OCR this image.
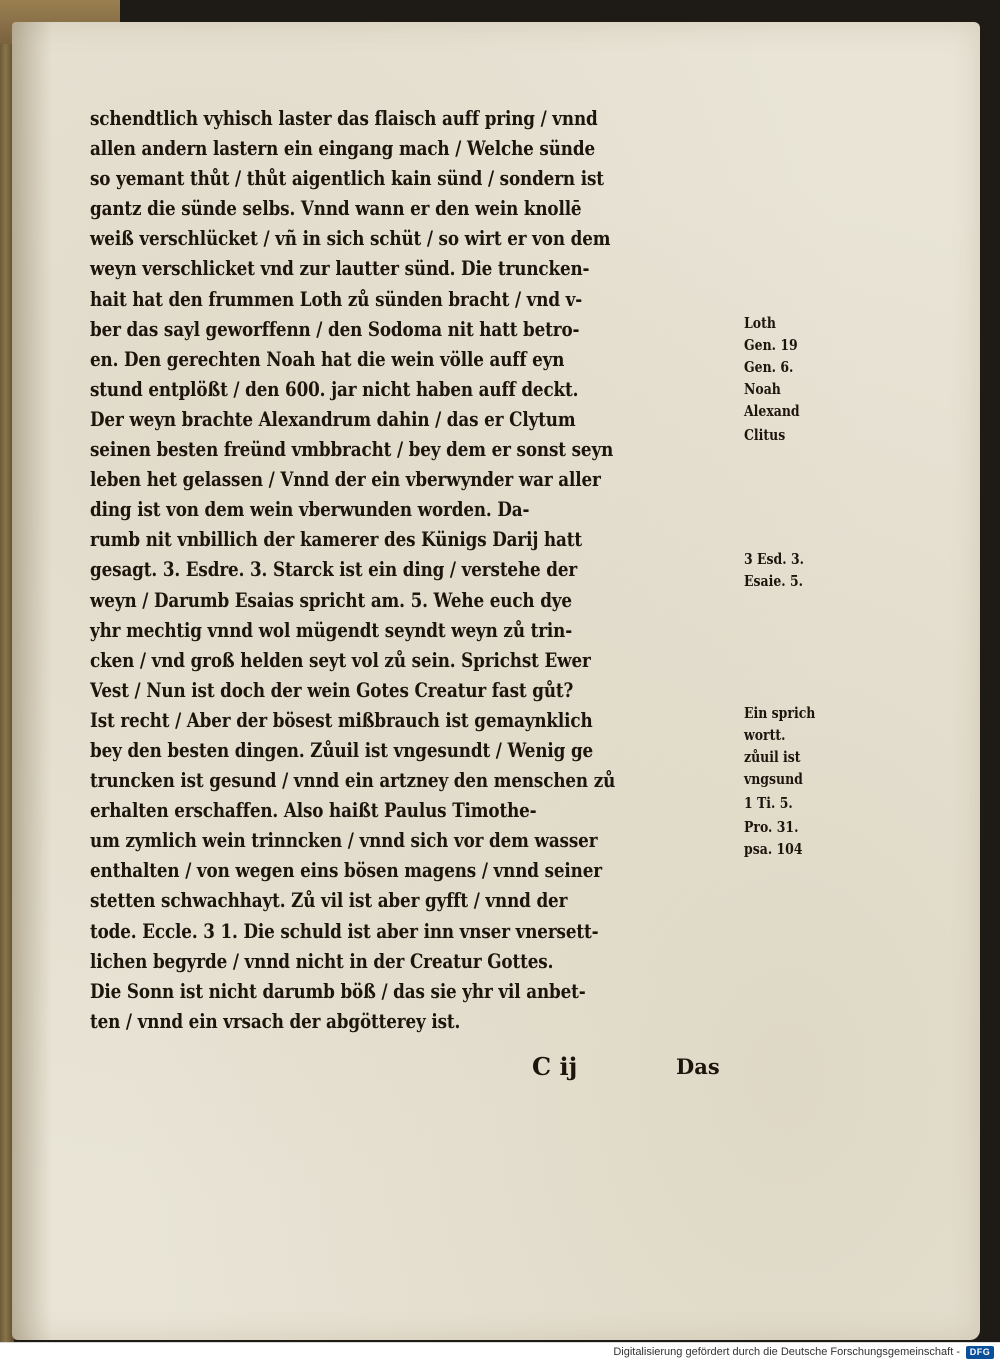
schendtlich vyhisch laster das flaisch auff pring / vnnd
allen andern lastern ein eingang mach / Welche sünde
so yemant thůt / thůt aigentlich kain sünd / sondern ist
gantz die sünde selbs. Vnnd wann er den wein knollē
weiß verschlücket / vñ in sich schüt / so wirt er von dem
weyn verschlicket vnd zur lautter sünd. Die truncken-
hait hat den frummen Loth zů sünden bracht / vnd v-
ber das sayl geworffenn / den Sodoma nit hatt betro-
en. Den gerechten Noah hat die wein völle auff eyn
stund entplößt / den 600. jar nicht haben auff deckt.
Der weyn brachte Alexandrum dahin / das er Clytum
seinen besten freünd vmbbracht / bey dem er sonst seyn
leben het gelassen / Vnnd der ein vberwynder war aller
ding ist von dem wein vberwunden worden. Da-
rumb nit vnbillich der kamerer des Künigs Darij hatt
gesagt. 3. Esdre. 3. Starck ist ein ding / verstehe der
weyn / Darumb Esaias spricht am. 5. Wehe euch dye
yhr mechtig vnnd wol mügendt seyndt weyn zů trin-
cken / vnd groß helden seyt vol zů sein. Sprichst Ewer
Vest / Nun ist doch der wein Gotes Creatur fast gůt?
Ist recht / Aber der bösest mißbrauch ist gemaynklich
bey den besten dingen. Zůuil ist vngesundt / Wenig ge
truncken ist gesund / vnnd ein artzney den menschen zů
erhalten erschaffen. Also haißt Paulus Timothe-
um zymlich wein trinncken / vnnd sich vor dem wasser
enthalten / von wegen eins bösen magens / vnnd seiner
stetten schwachhayt. Zů vil ist aber gyfft / vnnd der
tode. Eccle. 3 1. Die schuld ist aber inn vnser vnersett-
lichen begyrde / vnnd nicht in der Creatur Gottes.
Die Sonn ist nicht darumb böß / das sie yhr vil anbet-
ten / vnnd ein vrsach der abgötterey ist.
Loth
Gen. 19
Gen. 6.
Noah
Alexand
Clitus
3 Esd. 3.
Esaie. 5.
Ein sprich
wortt.
zůuil ist
vngsund
1 Ti. 5.
Pro. 31.
psa. 104
C ij	Das
Digitalisierung gefördert durch die Deutsche Forschungsgemeinschaft -	DFG
